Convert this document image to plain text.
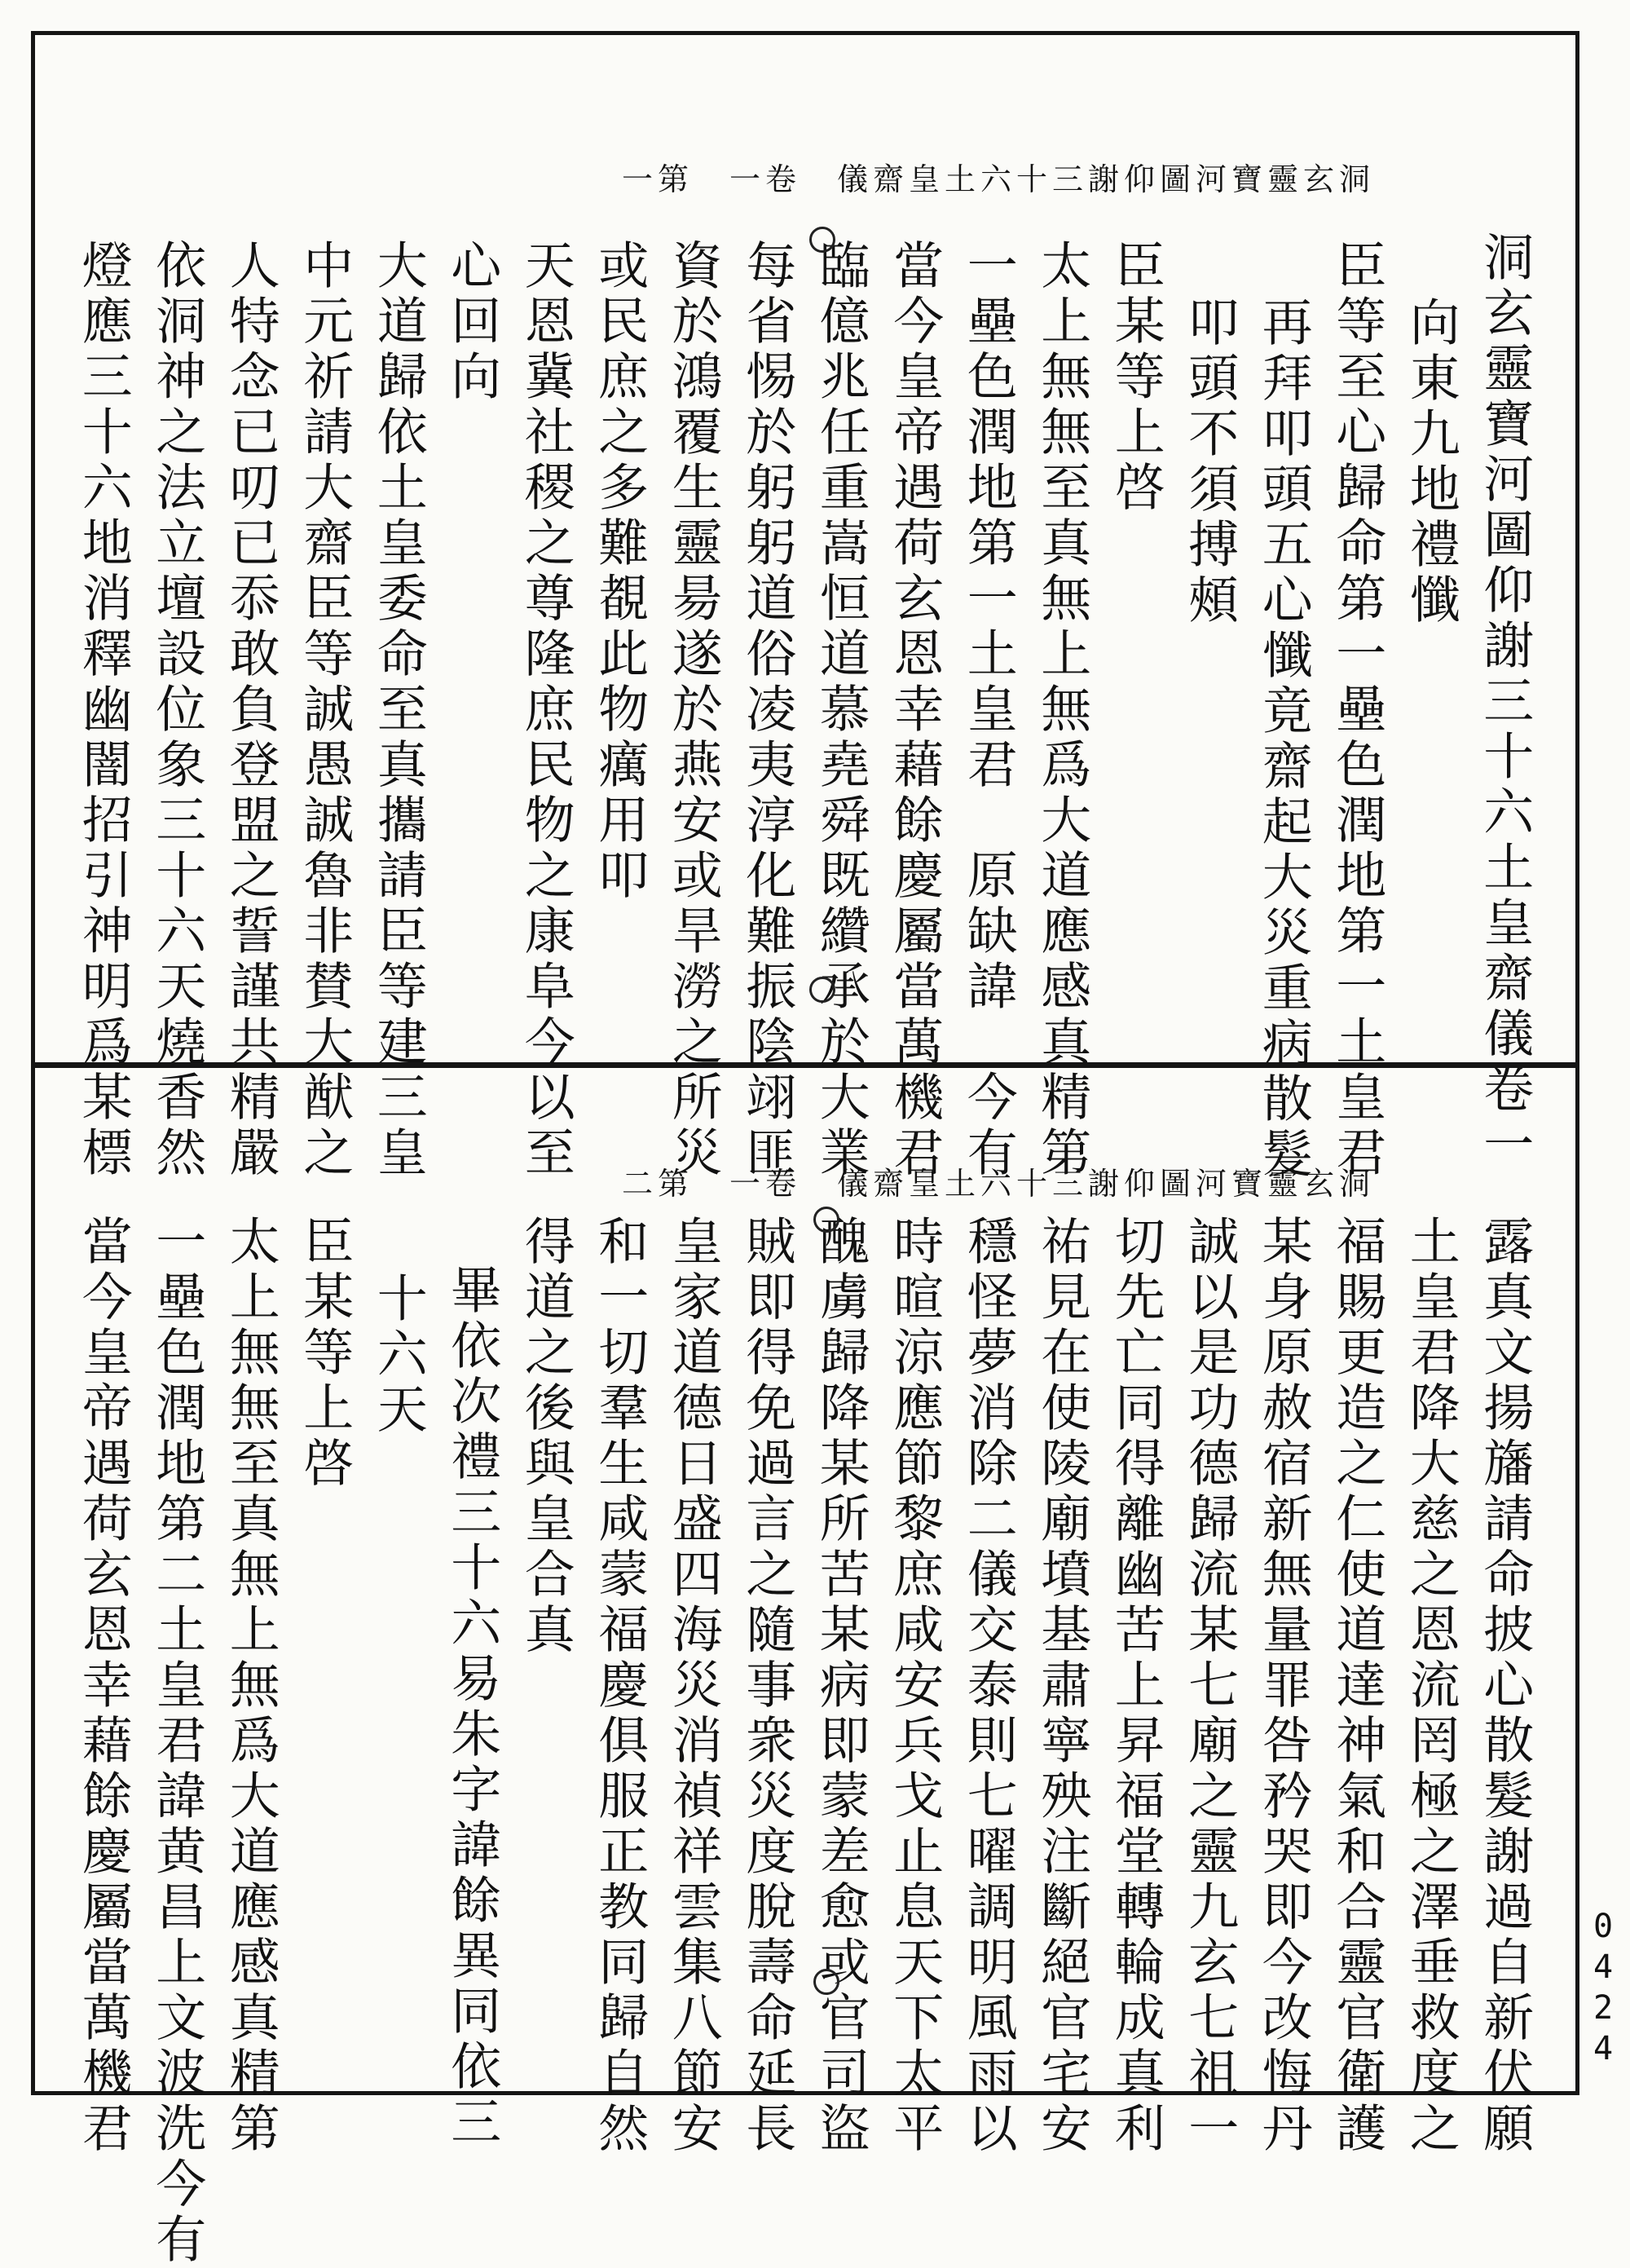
洞玄靈寶河圖仰謝三十六土皇齋儀　卷一　第一
洞玄靈寶河圖仰謝三十六土皇齋儀卷一
向東九地禮懺
臣等至心歸命第一壘色潤地第一土皇君
再拜叩頭五心懺竟齋起大災重病散髮
叩頭不須搏頰
臣某等上啓
太上無無至真無上無爲大道應感真精第
一壘色潤地第一土皇君　原缺諱　今有
當今皇帝遇荷玄恩幸藉餘慶屬當萬機君
臨億兆任重嵩恒道慕堯舜既纘承於大業
每省惕於躬躬道俗凌夷淳化難振陰翊匪
資於鴻覆生靈昜遂於燕安或旱澇之所災
或民庶之多難覩此物癘用叩
天恩冀社稷之尊隆庶民物之康阜今以至
心回向
大道歸依土皇委命至真攜請臣等建三皇
中元祈請大齋臣等誠愚誠魯非賛大猷之
人特念已叨已忝敢負登盟之誓謹共精嚴
依洞神之法立壇設位象三十六天燒香然
燈應三十六地消釋幽闇招引神明爲某標
洞玄靈寶河圖仰謝三十六土皇齋儀　卷一　第二
露真文揚旛請命披心散髮謝過自新伏願
土皇君降大慈之恩流罔極之澤垂救度之
福賜更造之仁使道達神氣和合靈官衛護
某身原赦宿新無量罪咎矜哭即今改悔丹
誠以是功德歸流某七廟之靈九玄七祖一
切先亡同得離幽苦上昇福堂轉輪成真利
祐見在使陵廟墳基肅寧殃注斷絕官宅安
穩怪夢消除二儀交泰則七曜調明風雨以
時暄涼應節黎庶咸安兵戈止息天下太平
醜虜歸降某所苦某病即蒙差愈或官司盜
賊即得免過言之隨事衆災度脫壽命延長
皇家道德日盛四海災消禎祥雲集八節安
和一切羣生咸蒙福慶俱服正教同歸自然
得道之後與皇合真
畢依次禮三十六易朱字諱餘異同依三
十六天
臣某等上啓
太上無無至真無上無爲大道應感真精第
一壘色潤地第二土皇君諱黄昌上文波洗今有
當今皇帝遇荷玄恩幸藉餘慶屬當萬機君	0424
